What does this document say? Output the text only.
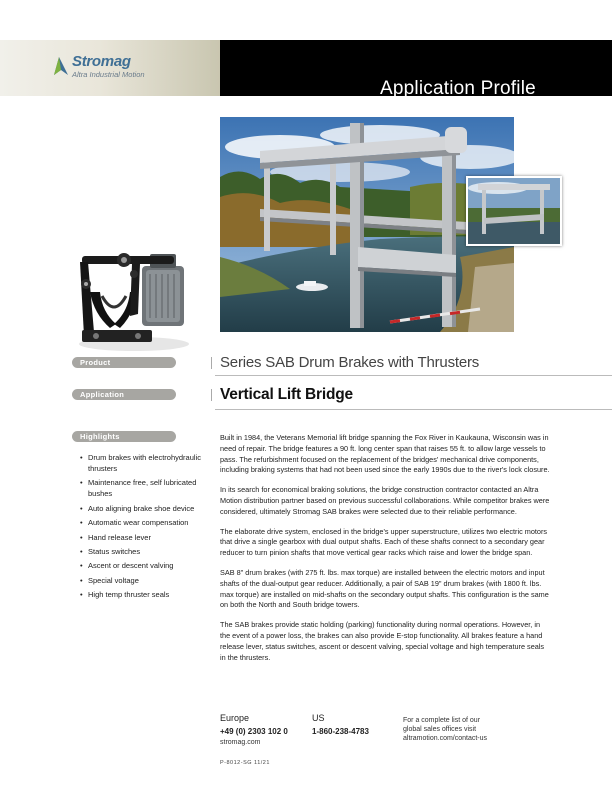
Stromag
Altra Industrial Motion
Application Profile
Product	Series SAB Drum Brakes with Thrusters
Application	Vertical Lift Bridge
Highlights
• Drum brakes with electrohydraulic thrusters
• Maintenance free, self lubricated bushes
• Auto aligning brake shoe device
• Automatic wear compensation
• Hand release lever
• Status switches
• Ascent or descent valving
• Special voltage
• High temp thruster seals

Built in 1984, the Veterans Memorial lift bridge spanning the Fox River in Kaukauna, Wisconsin was in need of repair. The bridge features a 90 ft. long center span that raises 55 ft. to allow large vessels to pass. The refurbishment focused on the replacement of the bridges' mechanical drive components, including braking systems that had not been used since the early 1990s due to the river's lock closure.

In its search for economical braking solutions, the bridge construction contractor contacted an Altra Motion distribution partner based on previous successful collaborations. While competitor brakes were considered, ultimately Stromag SAB brakes were selected due to their reliable performance.

The elaborate drive system, enclosed in the bridge's upper superstructure, utilizes two electric motors that drive a single gearbox with dual output shafts. Each of these shafts connect to a secondary gear reducer to turn pinion shafts that move vertical gear racks which raise and lower the bridge span.

SAB 8" drum brakes (with 275 ft. lbs. max torque) are installed between the electric motors and input shafts of the dual-output gear reducer. Additionally, a pair of SAB 19" drum brakes (with 1800 ft. lbs. max torque) are installed on mid-shafts on the secondary output shafts. This configuration is the same on both the North and South bridge towers.

The SAB brakes provide static holding (parking) functionality during normal operations. However, in the event of a power loss, the brakes can also provide E-stop functionality. All brakes feature a hand release lever, status switches, ascent or descent valving, special voltage and high temperature seals in the thrusters.

Europe
+49 (0) 2303 102 0
stromag.com
US
1-860-238-4783
For a complete list of our global sales offices visit altramotion.com/contact-us
P-8012-SG 11/21
